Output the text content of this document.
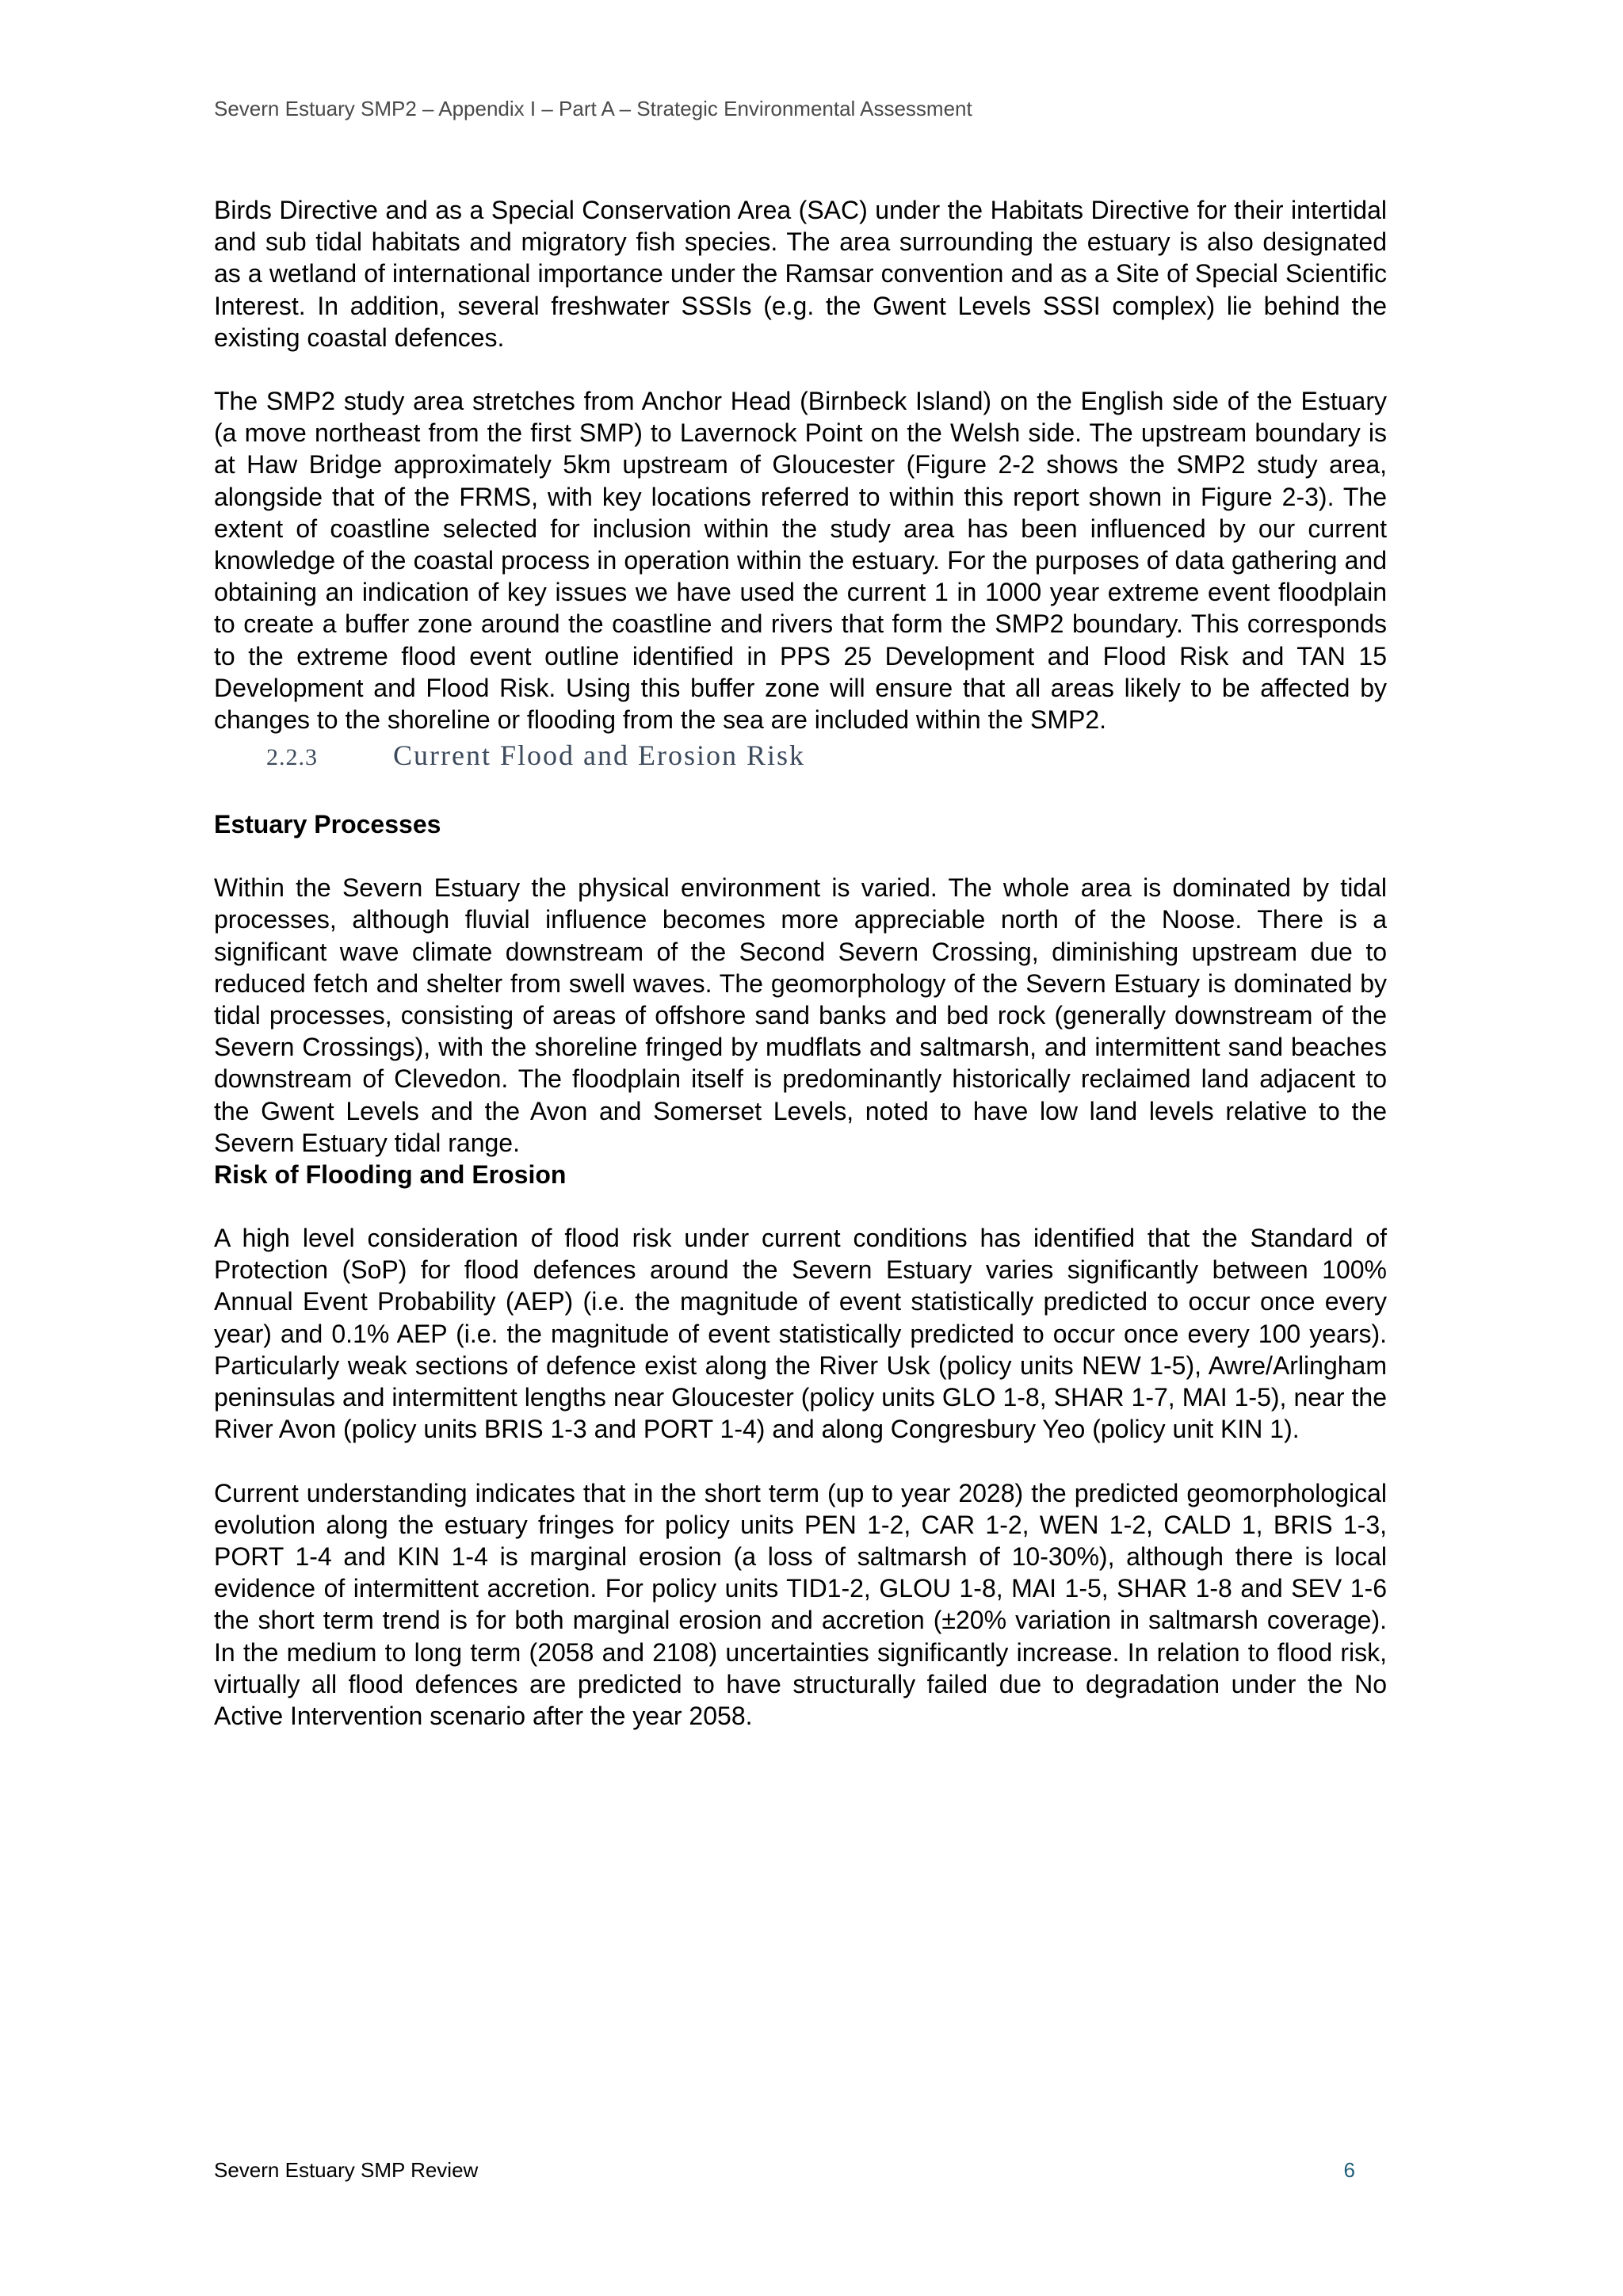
Severn Estuary SMP2 – Appendix I – Part A – Strategic Environmental Assessment

Birds Directive and as a Special Conservation Area (SAC) under the Habitats Directive for their intertidal and sub tidal habitats and migratory fish species. The area surrounding the estuary is also designated as a wetland of international importance under the Ramsar convention and as a Site of Special Scientific Interest. In addition, several freshwater SSSIs (e.g. the Gwent Levels SSSI complex) lie behind the existing coastal defences.

The SMP2 study area stretches from Anchor Head (Birnbeck Island) on the English side of the Estuary (a move northeast from the first SMP) to Lavernock Point on the Welsh side. The upstream boundary is at Haw Bridge approximately 5km upstream of Gloucester (Figure 2-2 shows the SMP2 study area, alongside that of the FRMS, with key locations referred to within this report shown in Figure 2-3). The extent of coastline selected for inclusion within the study area has been influenced by our current knowledge of the coastal process in operation within the estuary. For the purposes of data gathering and obtaining an indication of key issues we have used the current 1 in 1000 year extreme event floodplain to create a buffer zone around the coastline and rivers that form the SMP2 boundary. This corresponds to the extreme flood event outline identified in PPS 25 Development and Flood Risk and TAN 15 Development and Flood Risk. Using this buffer zone will ensure that all areas likely to be affected by changes to the shoreline or flooding from the sea are included within the SMP2.

2.2.3	Current Flood and Erosion Risk

Estuary Processes

Within the Severn Estuary the physical environment is varied. The whole area is dominated by tidal processes, although fluvial influence becomes more appreciable north of the Noose. There is a significant wave climate downstream of the Second Severn Crossing, diminishing upstream due to reduced fetch and shelter from swell waves. The geomorphology of the Severn Estuary is dominated by tidal processes, consisting of areas of offshore sand banks and bed rock (generally downstream of the Severn Crossings), with the shoreline fringed by mudflats and saltmarsh, and intermittent sand beaches downstream of Clevedon. The floodplain itself is predominantly historically reclaimed land adjacent to the Gwent Levels and the Avon and Somerset Levels, noted to have low land levels relative to the Severn Estuary tidal range.

Risk of Flooding and Erosion

A high level consideration of flood risk under current conditions has identified that the Standard of Protection (SoP) for flood defences around the Severn Estuary varies significantly between 100% Annual Event Probability (AEP) (i.e. the magnitude of event statistically predicted to occur once every year) and 0.1% AEP (i.e. the magnitude of event statistically predicted to occur once every 100 years). Particularly weak sections of defence exist along the River Usk (policy units NEW 1-5), Awre/Arlingham peninsulas and intermittent lengths near Gloucester (policy units GLO 1-8, SHAR 1-7, MAI 1-5), near the River Avon (policy units BRIS 1-3 and PORT 1-4) and along Congresbury Yeo (policy unit KIN 1).

Current understanding indicates that in the short term (up to year 2028) the predicted geomorphological evolution along the estuary fringes for policy units PEN 1-2, CAR 1-2, WEN 1-2, CALD 1, BRIS 1-3, PORT 1-4 and KIN 1-4 is marginal erosion (a loss of saltmarsh of 10-30%), although there is local evidence of intermittent accretion. For policy units TID1-2, GLOU 1-8, MAI 1-5, SHAR 1-8 and SEV 1-6 the short term trend is for both marginal erosion and accretion (±20% variation in saltmarsh coverage). In the medium to long term (2058 and 2108) uncertainties significantly increase. In relation to flood risk, virtually all flood defences are predicted to have structurally failed due to degradation under the No Active Intervention scenario after the year 2058.

Severn Estuary SMP Review	6
